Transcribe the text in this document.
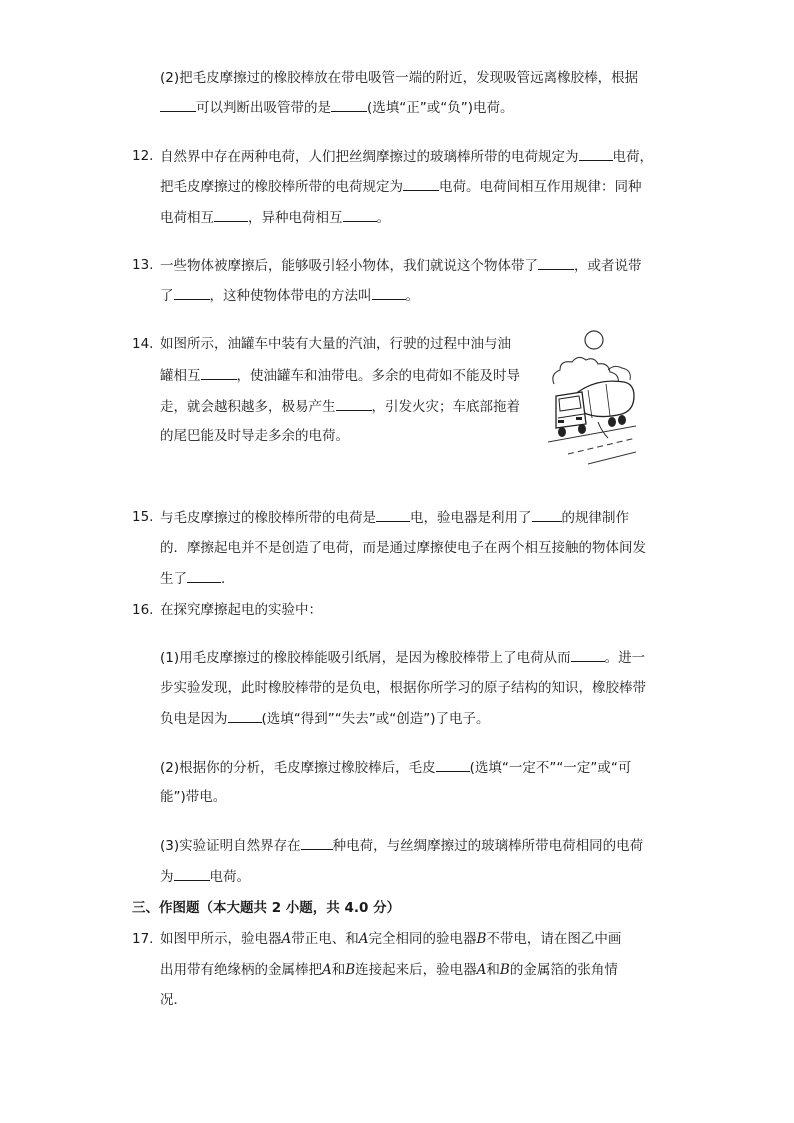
(2)把毛皮摩擦过的橡胶棒放在带电吸管一端的附近，发现吸管远离橡胶棒，根据
可以判断出吸管带的是	(选填“正”或“负”)电荷。
12. 自然界中存在两种电荷，人们把丝绸摩擦过的玻璃棒所带的电荷规定为	电荷，
把毛皮摩擦过的橡胶棒所带的电荷规定为	电荷。电荷间相互作用规律：同种
电荷相互	，异种电荷相互	。
13. 一些物体被摩擦后，能够吸引轻小物体，我们就说这个物体带了	，或者说带
了	，这种使物体带电的方法叫	。
14. 如图所示，油罐车中装有大量的汽油，行驶的过程中油与油
罐相互	，使油罐车和油带电。多余的电荷如不能及时导
走，就会越积越多，极易产生	，引发火灾；车底部拖着
的尾巴能及时导走多余的电荷。
15. 与毛皮摩擦过的橡胶棒所带的电荷是	电，验电器是利用了 的规律制作
的．摩擦起电并不是创造了电荷，而是通过摩擦使电子在两个相互接触的物体间发
生了	．
16. 在探究摩擦起电的实验中：
(1)用毛皮摩擦过的橡胶棒能吸引纸屑，是因为橡胶棒带上了电荷从而	。进一
步实验发现，此时橡胶棒带的是负电，根据你所学习的原子结构的知识，橡胶棒带
负电是因为	(选填“得到”“失去”或“创造”)了电子。
(2)根据你的分析，毛皮摩擦过橡胶棒后，毛皮	(选填“一定不”“一定”或“可
能”)带电。
(3)实验证明自然界存在 种电荷，与丝绸摩擦过的玻璃棒所带电荷相同的电荷
为	电荷。
三、作图题（本大题共 2 小题，共 4.0 分）
17. 如图甲所示，验电器A带正电、和A完全相同的验电器B不带电，请在图乙中画
出用带有绝缘柄的金属棒把A和B连接起来后，验电器A和B的金属箔的张角情
况．
